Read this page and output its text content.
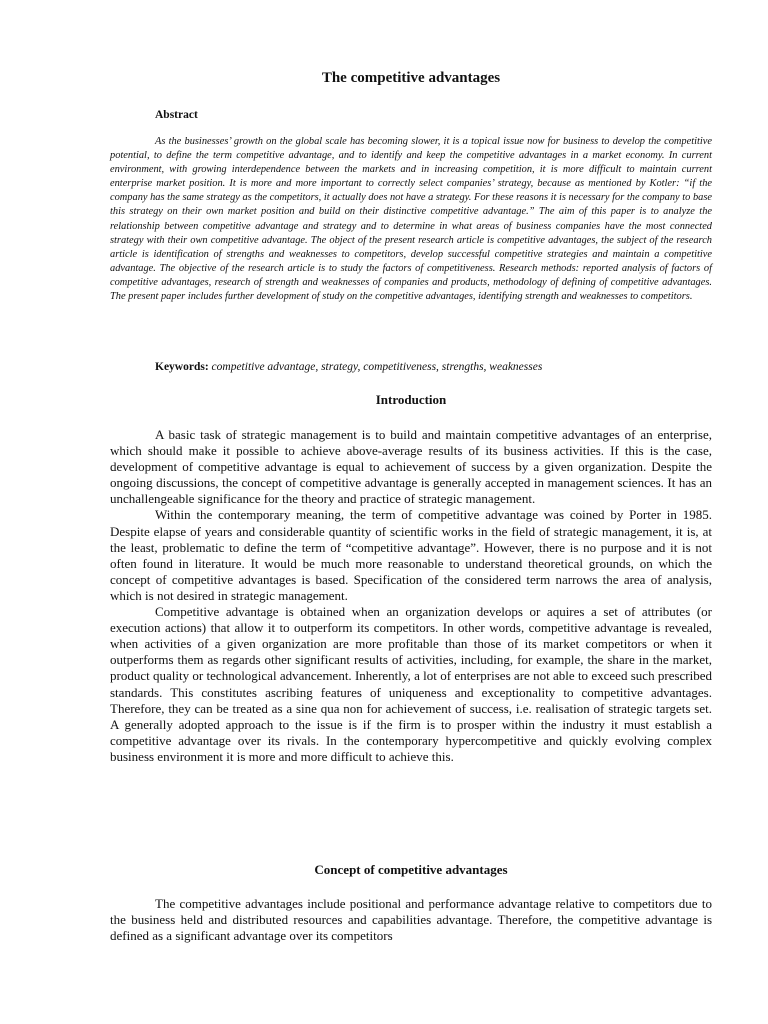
The competitive advantages
Abstract

As the businesses’ growth on the global scale has becoming slower, it is a topical issue now for business to develop the competitive potential, to define the term competitive advantage, and to identify and keep the competitive advantages in a market economy. In current environment, with growing interdependence between the markets and in increasing competition, it is more difficult to maintain current enterprise market position. It is more and more important to correctly select companies’ strategy, because as mentioned by Kotler: “if the company has the same strategy as the competitors, it actually does not have a strategy. For these reasons it is necessary for the company to base this strategy on their own market position and build on their distinctive competitive advantage.” The aim of this paper is to analyze the relationship between competitive advantage and strategy and to determine in what areas of business companies have the most connected strategy with their own competitive advantage. The object of the present research article is competitive advantages, the subject of the research article is identification of strengths and weaknesses to competitors, develop successful competitive strategies and maintain a competitive advantage. The objective of the research article is to study the factors of competitiveness. Research methods: reported analysis of factors of competitive advantages, research of strength and weaknesses of companies and products, methodology of defining of competitive advantages. The present paper includes further development of study on the competitive advantages, identifying strength and weaknesses to competitors.

Keywords: competitive advantage, strategy, competitiveness, strengths, weaknesses
Introduction

A basic task of strategic management is to build and maintain competitive advantages of an enterprise, which should make it possible to achieve above-average results of its business activities. If this is the case, development of competitive advantage is equal to achievement of success by a given organization. Despite the ongoing discussions, the concept of competitive advantage is generally accepted in management sciences. It has an unchallengeable significance for the theory and practice of strategic management.

Within the contemporary meaning, the term of competitive advantage was coined by Porter in 1985. Despite elapse of years and considerable quantity of scientific works in the field of strategic management, it is, at the least, problematic to define the term of “competitive advantage”. However, there is no purpose and it is not often found in literature. It would be much more reasonable to understand theoretical grounds, on which the concept of competitive advantages is based. Specification of the considered term narrows the area of analysis, which is not desired in strategic management.

Competitive advantage is obtained when an organization develops or aquires a set of attributes (or execution actions) that allow it to outperform its competitors. In other words, competitive advantage is revealed, when activities of a given organization are more profitable than those of its market competitors or when it outperforms them as regards other significant results of activities, including, for example, the share in the market, product quality or technological advancement. Inherently, a lot of enterprises are not able to exceed such prescribed standards. This constitutes ascribing features of uniqueness and exceptionality to competitive advantages. Therefore, they can be treated as a sine qua non for achievement of success, i.e. realisation of strategic targets set. A generally adopted approach to the issue is if the firm is to prosper within the industry it must establish a competitive advantage over its rivals. In the contemporary hypercompetitive and quickly evolving complex business environment it is more and more difficult to achieve this.

Concept of competitive advantages

The competitive advantages include positional and performance advantage relative to competitors due to the business held and distributed resources and capabilities advantage. Therefore, the competitive advantage is defined as a significant advantage over its competitors
